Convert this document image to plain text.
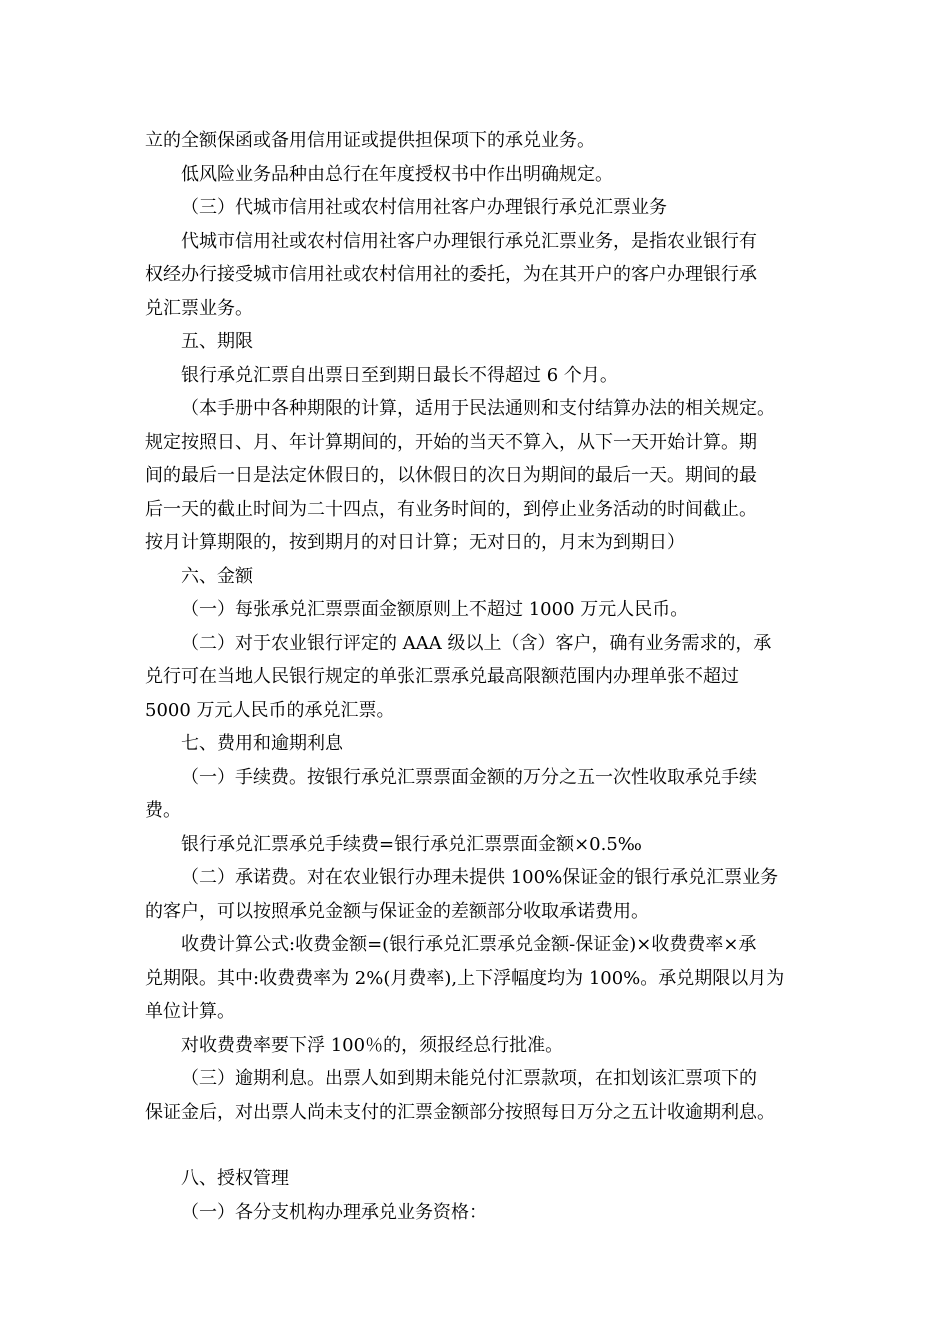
立的全额保函或备用信用证或提供担保项下的承兑业务。

低风险业务品种由总行在年度授权书中作出明确规定。

（三）代城市信用社或农村信用社客户办理银行承兑汇票业务

代城市信用社或农村信用社客户办理银行承兑汇票业务，是指农业银行有

权经办行接受城市信用社或农村信用社的委托，为在其开户的客户办理银行承

兑汇票业务。

五、期限

银行承兑汇票自出票日至到期日最长不得超过 6 个月。

（本手册中各种期限的计算，适用于民法通则和支付结算办法的相关规定。

规定按照日、月、年计算期间的，开始的当天不算入，从下一天开始计算。期

间的最后一日是法定休假日的，以休假日的次日为期间的最后一天。期间的最

后一天的截止时间为二十四点，有业务时间的，到停止业务活动的时间截止。

按月计算期限的，按到期月的对日计算；无对日的，月末为到期日）

六、金额

（一）每张承兑汇票票面金额原则上不超过 1000 万元人民币。

（二）对于农业银行评定的 AAA 级以上（含）客户，确有业务需求的，承

兑行可在当地人民银行规定的单张汇票承兑最高限额范围内办理单张不超过

5000 万元人民币的承兑汇票。

七、费用和逾期利息

（一）手续费。按银行承兑汇票票面金额的万分之五一次性收取承兑手续

费。

银行承兑汇票承兑手续费=银行承兑汇票票面金额×0.5‰

（二）承诺费。对在农业银行办理未提供 100%保证金的银行承兑汇票业务

的客户，可以按照承兑金额与保证金的差额部分收取承诺费用。

收费计算公式:收费金额=(银行承兑汇票承兑金额-保证金)×收费费率×承

兑期限。其中:收费费率为 2%(月费率),上下浮幅度均为 100%。承兑期限以月为

单位计算。

对收费费率要下浮 100％的，须报经总行批准。

（三）逾期利息。出票人如到期未能兑付汇票款项，在扣划该汇票项下的

保证金后，对出票人尚未支付的汇票金额部分按照每日万分之五计收逾期利息。

八、授权管理

（一）各分支机构办理承兑业务资格：
